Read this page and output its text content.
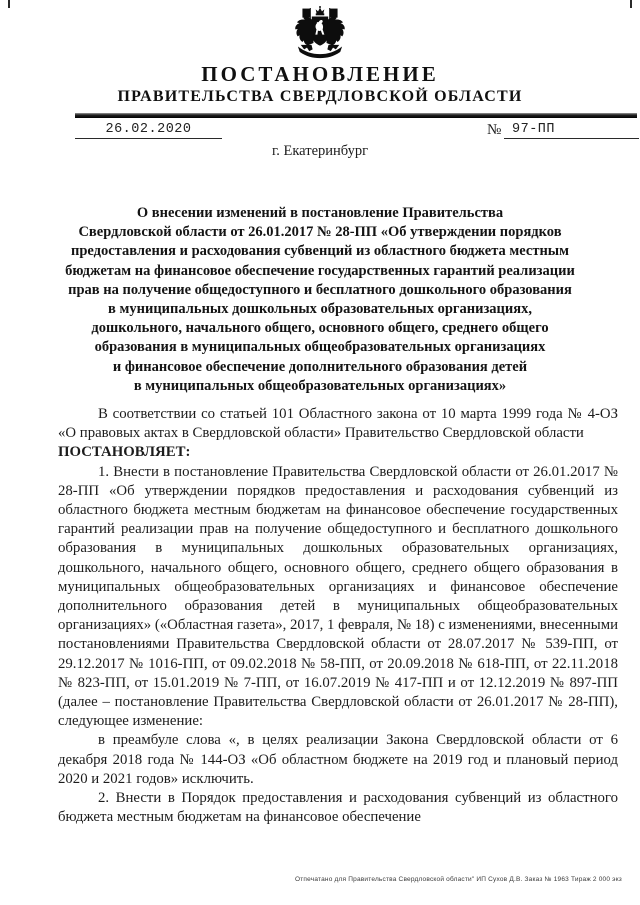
ПОСТАНОВЛЕНИЕ
ПРАВИТЕЛЬСТВА СВЕРДЛОВСКОЙ ОБЛАСТИ
26.02.2020	№ 97-ПП
г. Екатеринбург
О внесении изменений в постановление Правительства
Свердловской области от 26.01.2017 № 28-ПП «Об утверждении порядков
предоставления и расходования субвенций из областного бюджета местным
бюджетам на финансовое обеспечение государственных гарантий реализации
прав на получение общедоступного и бесплатного дошкольного образования
в муниципальных дошкольных образовательных организациях,
дошкольного, начального общего, основного общего, среднего общего
образования в муниципальных общеобразовательных организациях
и финансовое обеспечение дополнительного образования детей
в муниципальных общеобразовательных организациях»

В соответствии со статьей 101 Областного закона от 10 марта 1999 года № 4-ОЗ «О правовых актах в Свердловской области» Правительство Свердловской области

ПОСТАНОВЛЯЕТ:

1. Внести в постановление Правительства Свердловской области от 26.01.2017 № 28-ПП «Об утверждении порядков предоставления и расходования субвенций из областного бюджета местным бюджетам на финансовое обеспечение государственных гарантий реализации прав на получение общедоступного и бесплатного дошкольного образования в муниципальных дошкольных образовательных организациях, дошкольного, начального общего, основного общего, среднего общего образования в муниципальных общеобразовательных организациях и финансовое обеспечение дополнительного образования детей в муниципальных общеобразовательных организациях» («Областная газета», 2017, 1 февраля, № 18) с изменениями, внесенными постановлениями Правительства Свердловской области от 28.07.2017 № 539-ПП, от 29.12.2017 № 1016-ПП, от 09.02.2018 № 58-ПП, от 20.09.2018 № 618-ПП, от 22.11.2018 № 823-ПП, от 15.01.2019 № 7-ПП, от 16.07.2019 № 417-ПП и от 12.12.2019 № 897-ПП (далее – постановление Правительства Свердловской области от 26.01.2017 № 28-ПП), следующее изменение:

в преамбуле слова «, в целях реализации Закона Свердловской области от 6 декабря 2018 года № 144-ОЗ «Об областном бюджете на 2019 год и плановый период 2020 и 2021 годов» исключить.

2. Внести в Порядок предоставления и расходования субвенций из областного бюджета местным бюджетам на финансовое обеспечение

Отпечатано для Правительства Свердловской области" ИП Сухов Д.В. Заказ № 1963 Тираж 2 000 экз
